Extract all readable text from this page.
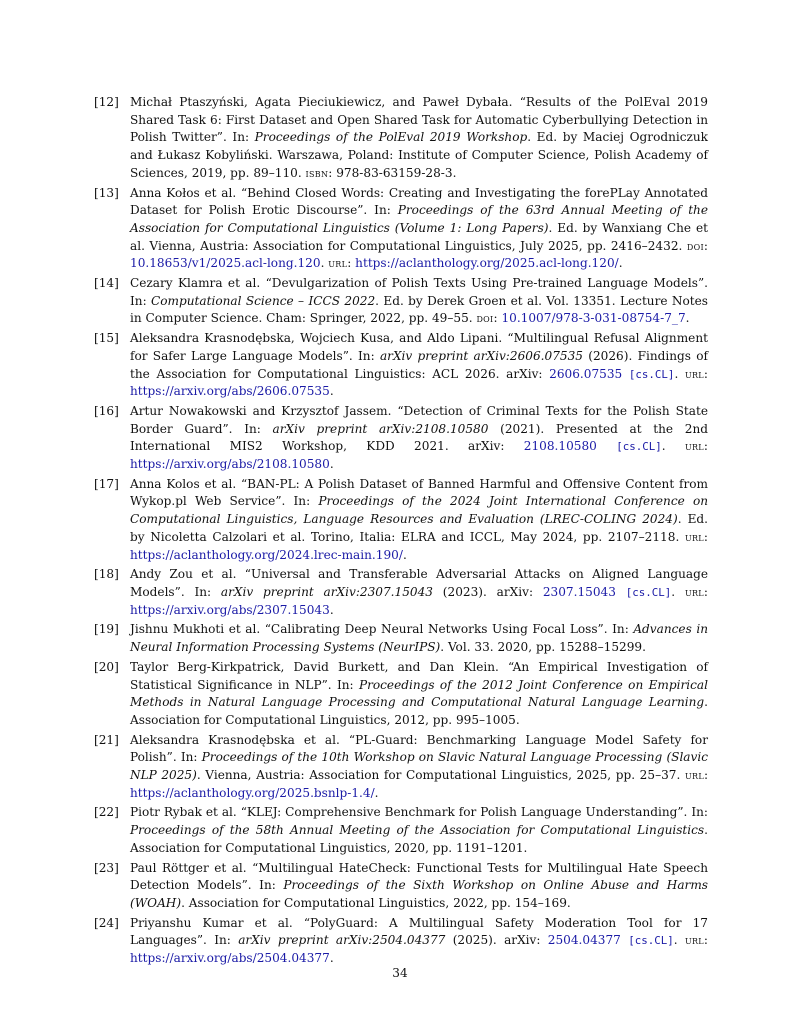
[12] Michał Ptaszyński, Agata Pieciukiewicz, and Paweł Dybała. “Results of the PolEval 2019 Shared Task 6: First Dataset and Open Shared Task for Automatic Cyberbullying Detection in Polish Twitter”. In: Proceedings of the PolEval 2019 Workshop. Ed. by Maciej Ogrodniczuk and Łukasz Kobyliński. Warszawa, Poland: Institute of Computer Science, Polish Academy of Sciences, 2019, pp. 89–110. isbn: 978-83-63159-28-3.
[13] Anna Kołos et al. “Behind Closed Words: Creating and Investigating the forePLay Annotated Dataset for Polish Erotic Discourse”. In: Proceedings of the 63rd Annual Meeting of the Association for Computational Linguistics (Volume 1: Long Papers). Ed. by Wanxiang Che et al. Vienna, Austria: Association for Computational Linguistics, July 2025, pp. 2416–2432. doi: 10.18653/v1/2025.acl-long.120. url: https://aclanthology.org/2025.acl-long.120/.
[14] Cezary Klamra et al. “Devulgarization of Polish Texts Using Pre-trained Language Models”. In: Computational Science – ICCS 2022. Ed. by Derek Groen et al. Vol. 13351. Lecture Notes in Computer Science. Cham: Springer, 2022, pp. 49–55. doi: 10.1007/978-3-031-08754-7_7.
[15] Aleksandra Krasnodębska, Wojciech Kusa, and Aldo Lipani. “Multilingual Refusal Alignment for Safer Large Language Models”. In: arXiv preprint arXiv:2606.07535 (2026). Findings of the Association for Computational Linguistics: ACL 2026. arXiv: 2606.07535 [cs.CL]. url: https://arxiv.org/abs/2606.07535.
[16] Artur Nowakowski and Krzysztof Jassem. “Detection of Criminal Texts for the Polish State Border Guard”. In: arXiv preprint arXiv:2108.10580 (2021). Presented at the 2nd International MIS2 Workshop, KDD 2021. arXiv: 2108.10580 [cs.CL]. url: https://arxiv.org/abs/2108.10580.
[17] Anna Kolos et al. “BAN-PL: A Polish Dataset of Banned Harmful and Offensive Content from Wykop.pl Web Service”. In: Proceedings of the 2024 Joint International Conference on Computational Linguistics, Language Resources and Evaluation (LREC-COLING 2024). Ed. by Nicoletta Calzolari et al. Torino, Italia: ELRA and ICCL, May 2024, pp. 2107–2118. url: https://aclanthology.org/2024.lrec-main.190/.
[18] Andy Zou et al. “Universal and Transferable Adversarial Attacks on Aligned Language Models”. In: arXiv preprint arXiv:2307.15043 (2023). arXiv: 2307.15043 [cs.CL]. url: https://arxiv.org/abs/2307.15043.
[19] Jishnu Mukhoti et al. “Calibrating Deep Neural Networks Using Focal Loss”. In: Advances in Neural Information Processing Systems (NeurIPS). Vol. 33. 2020, pp. 15288–15299.
[20] Taylor Berg-Kirkpatrick, David Burkett, and Dan Klein. “An Empirical Investigation of Statistical Significance in NLP”. In: Proceedings of the 2012 Joint Conference on Empirical Methods in Natural Language Processing and Computational Natural Language Learning. Association for Computational Linguistics, 2012, pp. 995–1005.
[21] Aleksandra Krasnodębska et al. “PL-Guard: Benchmarking Language Model Safety for Polish”. In: Proceedings of the 10th Workshop on Slavic Natural Language Processing (Slavic NLP 2025). Vienna, Austria: Association for Computational Linguistics, 2025, pp. 25–37. url: https://aclanthology.org/2025.bsnlp-1.4/.
[22] Piotr Rybak et al. “KLEJ: Comprehensive Benchmark for Polish Language Understanding”. In: Proceedings of the 58th Annual Meeting of the Association for Computational Linguistics. Association for Computational Linguistics, 2020, pp. 1191–1201.
[23] Paul Röttger et al. “Multilingual HateCheck: Functional Tests for Multilingual Hate Speech Detection Models”. In: Proceedings of the Sixth Workshop on Online Abuse and Harms (WOAH). Association for Computational Linguistics, 2022, pp. 154–169.
[24] Priyanshu Kumar et al. “PolyGuard: A Multilingual Safety Moderation Tool for 17 Languages”. In: arXiv preprint arXiv:2504.04377 (2025). arXiv: 2504.04377 [cs.CL]. url: https://arxiv.org/abs/2504.04377.
34
